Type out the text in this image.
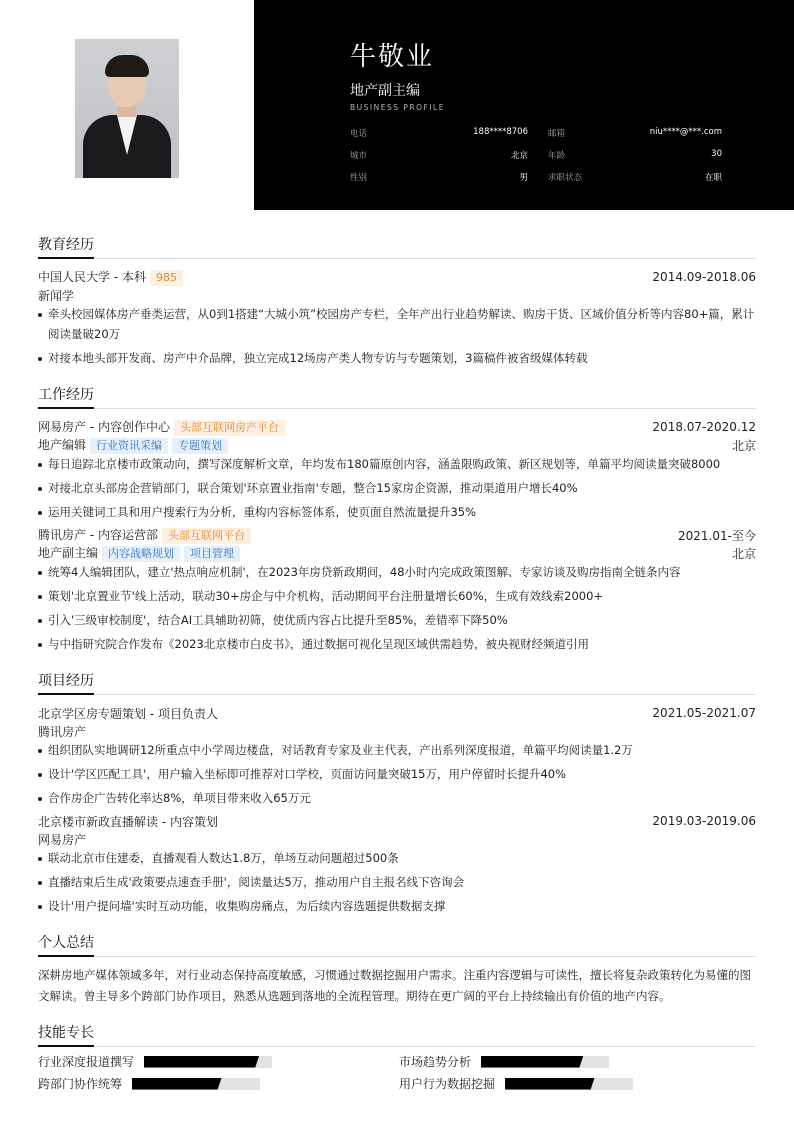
牛敬业
地产副主编
BUSINESS PROFILE
电话	188****8706 邮箱	niu****@***.com
城市	北京 年龄	30
性别	男 求职状态	在职
教育经历
中国人民大学 - 本科 985	2014.09-2018.06
新闻学
牵头校园媒体房产垂类运营，从0到1搭建“大城小筑”校园房产专栏，全年产出行业趋势解读、购房干货、区域价值分析等内容80+篇，累计阅读量破20万
对接本地头部开发商、房产中介品牌，独立完成12场房产类人物专访与专题策划，3篇稿件被省级媒体转载
工作经历
网易房产 - 内容创作中心 头部互联网房产平台	2018.07-2020.12
地产编辑 行业资讯采编 专题策划	北京
每日追踪北京楼市政策动向，撰写深度解析文章，年均发布180篇原创内容，涵盖限购政策、新区规划等，单篇平均阅读量突破8000
对接北京头部房企营销部门，联合策划'环京置业指南'专题，整合15家房企资源，推动渠道用户增长40%
运用关键词工具和用户搜索行为分析，重构内容标签体系，使页面自然流量提升35%
腾讯房产 - 内容运营部 头部互联网平台	2021.01-至今
地产副主编 内容战略规划 项目管理	北京
统筹4人编辑团队，建立'热点响应机制'，在2023年房贷新政期间，48小时内完成政策图解、专家访谈及购房指南全链条内容
策划'北京置业节'线上活动，联动30+房企与中介机构，活动期间平台注册量增长60%，生成有效线索2000+
引入'三级审校制度'，结合AI工具辅助初筛，使优质内容占比提升至85%，差错率下降50%
与中指研究院合作发布《2023北京楼市白皮书》，通过数据可视化呈现区域供需趋势，被央视财经频道引用
项目经历
北京学区房专题策划 - 项目负责人	2021.05-2021.07
腾讯房产
组织团队实地调研12所重点中小学周边楼盘，对话教育专家及业主代表，产出系列深度报道，单篇平均阅读量1.2万
设计'学区匹配工具'，用户输入坐标即可推荐对口学校，页面访问量突破15万，用户停留时长提升40%
合作房企广告转化率达8%，单项目带来收入65万元
北京楼市新政直播解读 - 内容策划	2019.03-2019.06
网易房产
联动北京市住建委，直播观看人数达1.8万，单场互动问题超过500条
直播结束后生成'政策要点速查手册'，阅读量达5万，推动用户自主报名线下咨询会
设计'用户提问墙'实时互动功能，收集购房痛点，为后续内容选题提供数据支撑
个人总结
深耕房地产媒体领域多年，对行业动态保持高度敏感，习惯通过数据挖掘用户需求。注重内容逻辑与可读性，擅长将复杂政策转化为易懂的图文解读。曾主导多个跨部门协作项目，熟悉从选题到落地的全流程管理。期待在更广阔的平台上持续输出有价值的地产内容。
技能专长
行业深度报道撰写	市场趋势分析
跨部门协作统筹	用户行为数据挖掘
